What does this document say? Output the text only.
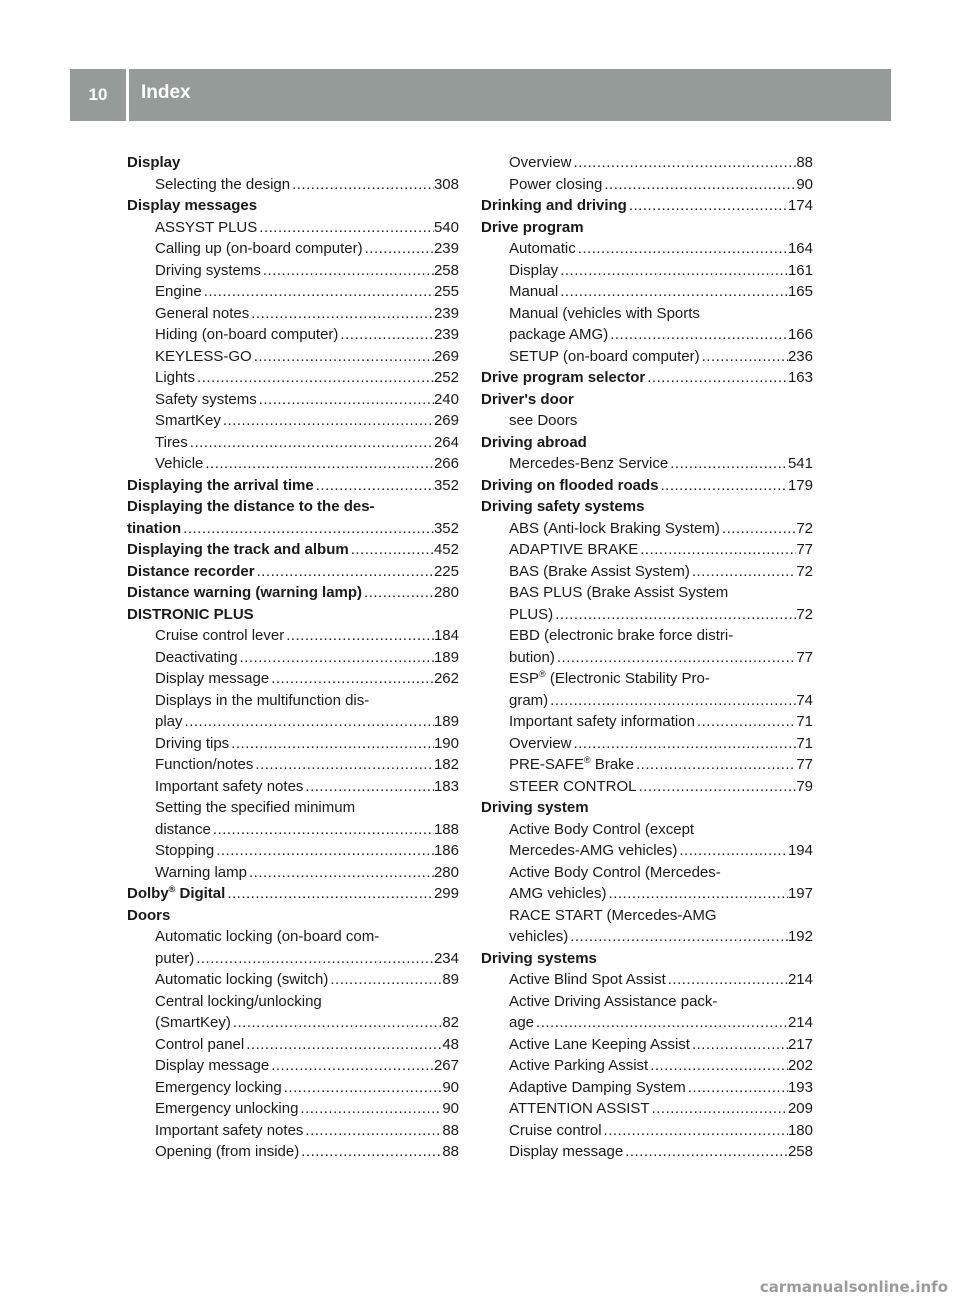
10	Index
Display
Selecting the design .....	308
Display messages
ASSYST PLUS .....	540
Calling up (on-board computer) .....	239
Driving systems .....	258
Engine .....	255
General notes .....	239
Hiding (on-board computer) .....	239
KEYLESS-GO .....	269
Lights .....	252
Safety systems .....	240
SmartKey .....	269
Tires .....	264
Vehicle .....	266
Displaying the arrival time .....	352
Displaying the distance to the des-
tination .....	352
Displaying the track and album .....	452
Distance recorder .....	225
Distance warning (warning lamp) .....	280
DISTRONIC PLUS
Cruise control lever .....	184
Deactivating .....	189
Display message .....	262
Displays in the multifunction dis-
play .....	189
Driving tips .....	190
Function/notes .....	182
Important safety notes .....	183
Setting the specified minimum
distance .....	188
Stopping .....	186
Warning lamp .....	280
Dolby® Digital .....	299
Doors
Automatic locking (on-board com-
puter) .....	234
Automatic locking (switch) .....	89
Central locking/unlocking
(SmartKey) .....	82
Control panel .....	48
Display message .....	267
Emergency locking .....	90
Emergency unlocking .....	90
Important safety notes .....	88
Opening (from inside) .....	88
Overview .....	88
Power closing .....	90
Drinking and driving .....	174
Drive program
Automatic .....	164
Display .....	161
Manual .....	165
Manual (vehicles with Sports
package AMG) .....	166
SETUP (on-board computer) .....	236
Drive program selector .....	163
Driver's door
see Doors
Driving abroad
Mercedes-Benz Service .....	541
Driving on flooded roads .....	179
Driving safety systems
ABS (Anti-lock Braking System) .....	72
ADAPTIVE BRAKE .....	77
BAS (Brake Assist System) .....	72
BAS PLUS (Brake Assist System
PLUS) .....	72
EBD (electronic brake force distri-
bution) .....	77
ESP® (Electronic Stability Pro-
gram) .....	74
Important safety information .....	71
Overview .....	71
PRE-SAFE® Brake .....	77
STEER CONTROL .....	79
Driving system
Active Body Control (except
Mercedes-AMG vehicles) .....	194
Active Body Control (Mercedes-
AMG vehicles) .....	197
RACE START (Mercedes-AMG
vehicles) .....	192
Driving systems
Active Blind Spot Assist .....	214
Active Driving Assistance pack-
age .....	214
Active Lane Keeping Assist .....	217
Active Parking Assist .....	202
Adaptive Damping System .....	193
ATTENTION ASSIST .....	209
Cruise control .....	180
Display message .....	258
carmanualsonline.info
